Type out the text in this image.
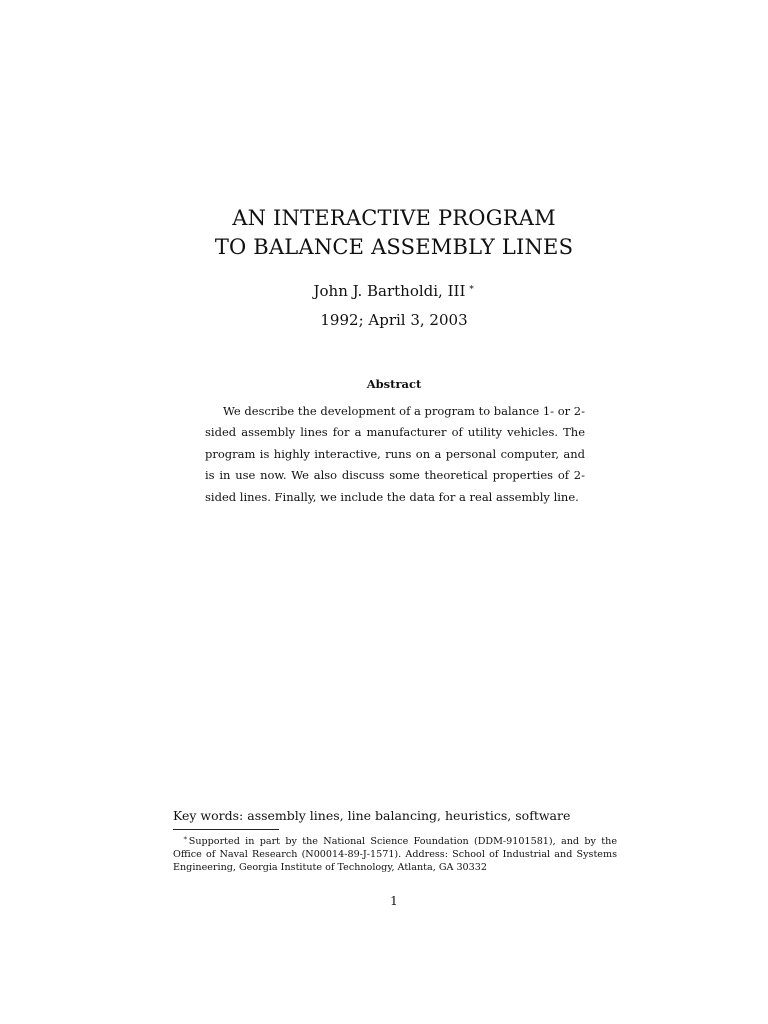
AN INTERACTIVE PROGRAM
TO BALANCE ASSEMBLY LINES
John J. Bartholdi, III ∗
1992; April 3, 2003
Abstract
We describe the development of a program to balance 1- or 2-sided assembly lines for a manufacturer of utility vehicles. The program is highly interactive, runs on a personal computer, and is in use now. We also discuss some theoretical properties of 2-sided lines. Finally, we include the data for a real assembly line.
Key words: assembly lines, line balancing, heuristics, software
∗Supported in part by the National Science Foundation (DDM-9101581), and by the Office of Naval Research (N00014-89-J-1571). Address: School of Industrial and Systems Engineering, Georgia Institute of Technology, Atlanta, GA 30332
1
